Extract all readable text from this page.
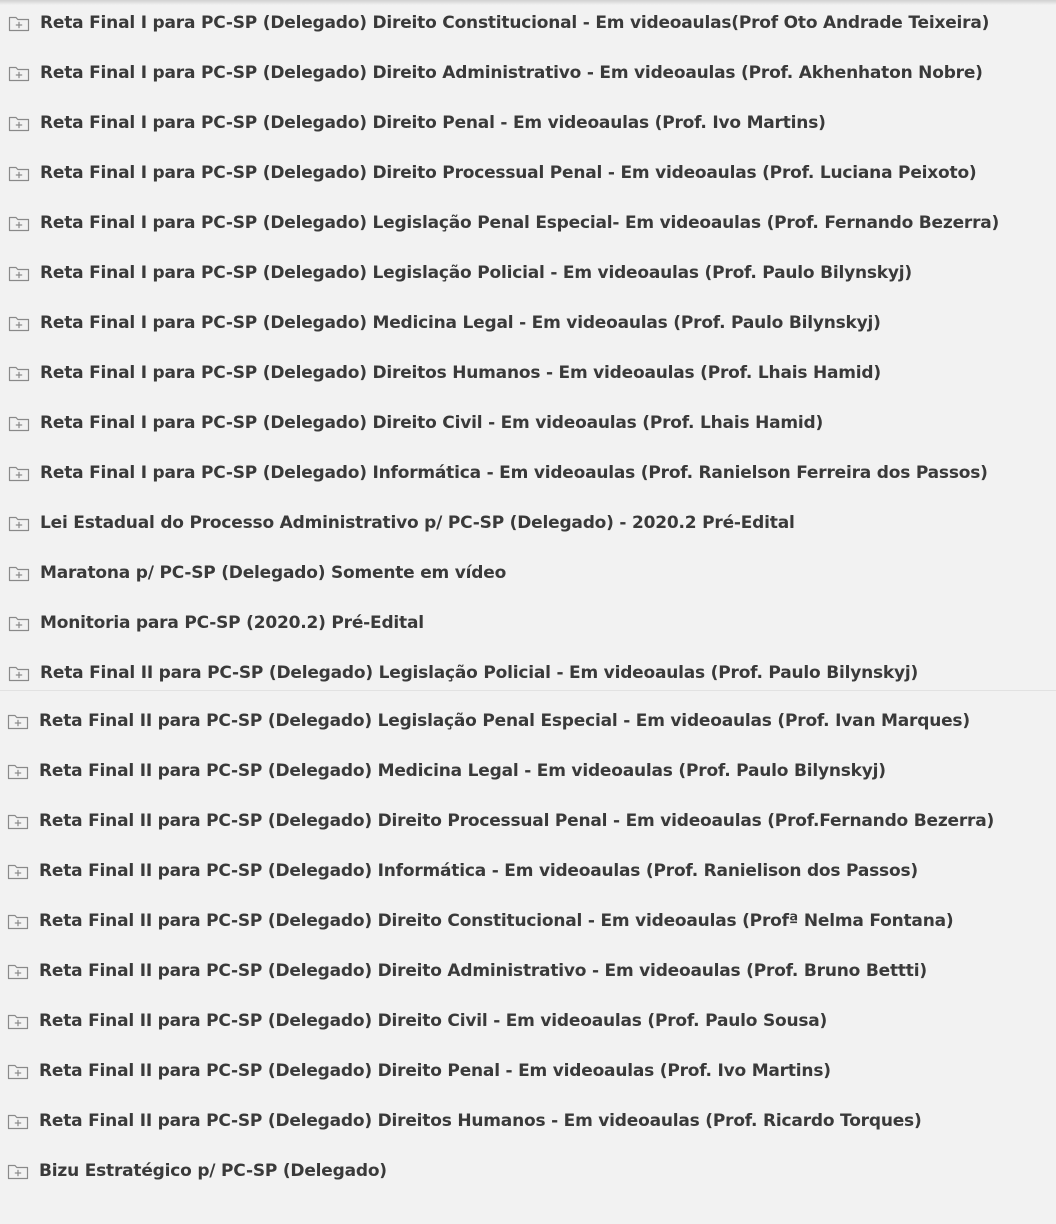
Reta Final I para PC-SP (Delegado) Direito Constitucional - Em videoaulas(Prof Oto Andrade Teixeira)
Reta Final I para PC-SP (Delegado) Direito Administrativo - Em videoaulas (Prof. Akhenhaton Nobre)
Reta Final I para PC-SP (Delegado) Direito Penal - Em videoaulas (Prof. Ivo Martins)
Reta Final I para PC-SP (Delegado) Direito Processual Penal - Em videoaulas (Prof. Luciana Peixoto)
Reta Final I para PC-SP (Delegado) Legislação Penal Especial- Em videoaulas (Prof. Fernando Bezerra)
Reta Final I para PC-SP (Delegado) Legislação Policial - Em videoaulas (Prof. Paulo Bilynskyj)
Reta Final I para PC-SP (Delegado) Medicina Legal - Em videoaulas (Prof. Paulo Bilynskyj)
Reta Final I para PC-SP (Delegado) Direitos Humanos - Em videoaulas (Prof. Lhais Hamid)
Reta Final I para PC-SP (Delegado) Direito Civil - Em videoaulas (Prof. Lhais Hamid)
Reta Final I para PC-SP (Delegado) Informática - Em videoaulas (Prof. Ranielson Ferreira dos Passos)
Lei Estadual do Processo Administrativo p/ PC-SP (Delegado) - 2020.2 Pré-Edital
Maratona p/ PC-SP (Delegado) Somente em vídeo
Monitoria para PC-SP (2020.2) Pré-Edital
Reta Final II para PC-SP (Delegado) Legislação Policial - Em videoaulas (Prof. Paulo Bilynskyj)
Reta Final II para PC-SP (Delegado) Legislação Penal Especial - Em videoaulas (Prof. Ivan Marques)
Reta Final II para PC-SP (Delegado) Medicina Legal - Em videoaulas (Prof. Paulo Bilynskyj)
Reta Final II para PC-SP (Delegado) Direito Processual Penal - Em videoaulas (Prof.Fernando Bezerra)
Reta Final II para PC-SP (Delegado) Informática - Em videoaulas (Prof. Ranielison dos Passos)
Reta Final II para PC-SP (Delegado) Direito Constitucional - Em videoaulas (Profª Nelma Fontana)
Reta Final II para PC-SP (Delegado) Direito Administrativo - Em videoaulas (Prof. Bruno Bettti)
Reta Final II para PC-SP (Delegado) Direito Civil - Em videoaulas (Prof. Paulo Sousa)
Reta Final II para PC-SP (Delegado) Direito Penal - Em videoaulas (Prof. Ivo Martins)
Reta Final II para PC-SP (Delegado) Direitos Humanos - Em videoaulas (Prof. Ricardo Torques)
Bizu Estratégico p/ PC-SP (Delegado)
